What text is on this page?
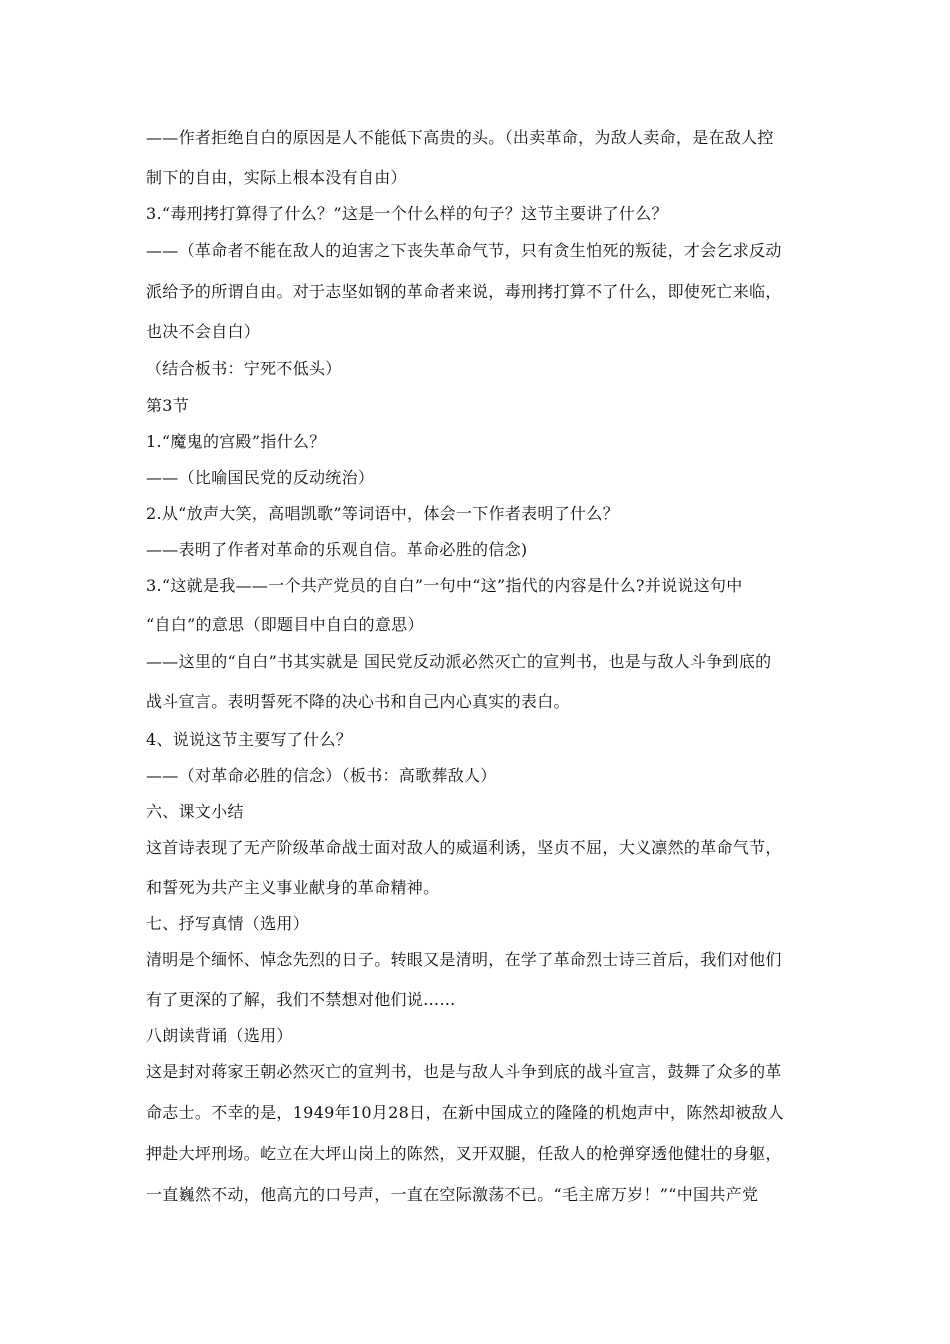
——作者拒绝自白的原因是人不能低下高贵的头。（出卖革命，为敌人卖命，是在敌人控
制下的自由，实际上根本没有自由）
3.“毒刑拷打算得了什么？”这是一个什么样的句子？这节主要讲了什么？
——（革命者不能在敌人的迫害之下丧失革命气节，只有贪生怕死的叛徒，才会乞求反动
派给予的所谓自由。对于志坚如钢的革命者来说，毒刑拷打算不了什么，即使死亡来临，
也决不会自白）
（结合板书：宁死不低头）
第3节
1.“魔鬼的宫殿”指什么？
——（比喻国民党的反动统治）
2.从“放声大笑，高唱凯歌”等词语中，体会一下作者表明了什么？
——表明了作者对革命的乐观自信。革命必胜的信念)
3.“这就是我——一个共产党员的自白”一句中“这”指代的内容是什么?并说说这句中
“自白”的意思（即题目中自白的意思）
——这里的“自白”书其实就是 国民党反动派必然灭亡的宣判书，也是与敌人斗争到底的
战斗宣言。表明誓死不降的决心书和自己内心真实的表白。
4、说说这节主要写了什么？
——（对革命必胜的信念）（板书：高歌葬敌人）
六、课文小结
这首诗表现了无产阶级革命战士面对敌人的威逼利诱，坚贞不屈，大义凛然的革命气节，
和誓死为共产主义事业献身的革命精神。
七、抒写真情（选用）
清明是个缅怀、悼念先烈的日子。转眼又是清明，在学了革命烈士诗三首后，我们对他们
有了更深的了解，我们不禁想对他们说……
八朗读背诵（选用）
这是封对蒋家王朝必然灭亡的宣判书，也是与敌人斗争到底的战斗宣言，鼓舞了众多的革
命志士。不幸的是，1949年10月28日，在新中国成立的隆隆的机炮声中，陈然却被敌人
押赴大坪刑场。屹立在大坪山岗上的陈然，叉开双腿，任敌人的枪弹穿透他健壮的身躯，
一直巍然不动，他高亢的口号声，一直在空际激荡不已。“毛主席万岁！”“中国共产党
